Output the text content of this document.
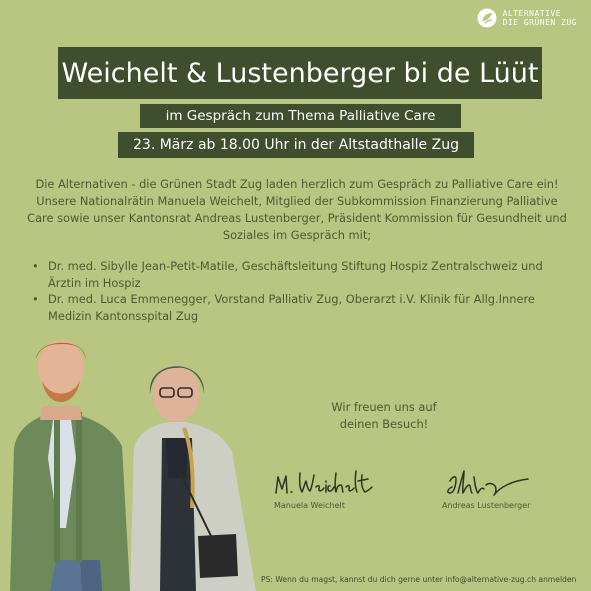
ALTERNATIVE
DIE GRÜNEN ZUG
Weichelt & Lustenberger bi de Lüüt
im Gespräch zum Thema Palliative Care
23. März ab 18.00 Uhr in der Altstadthalle Zug
Die Alternativen - die Grünen Stadt Zug laden herzlich zum Gespräch zu Palliative Care ein!
Unsere Nationalrätin Manuela Weichelt, Mitglied der Subkommission Finanzierung Palliative
Care sowie unser Kantonsrat Andreas Lustenberger, Präsident Kommission für Gesundheit und
Soziales im Gespräch mit;
• Dr. med. Sibylle Jean-Petit-Matile, Geschäftsleitung Stiftung Hospiz Zentralschweiz und Ärztin im Hospiz
• Dr. med. Luca Emmenegger, Vorstand Palliativ Zug, Oberarzt i.V. Klinik für Allg.Innere Medizin Kantonsspital Zug
Wir freuen uns auf
deinen Besuch!
Manuela Weichelt	Andreas Lustenberger
PS: Wenn du magst, kannst du dich gerne unter info@alternative-zug.ch anmelden
